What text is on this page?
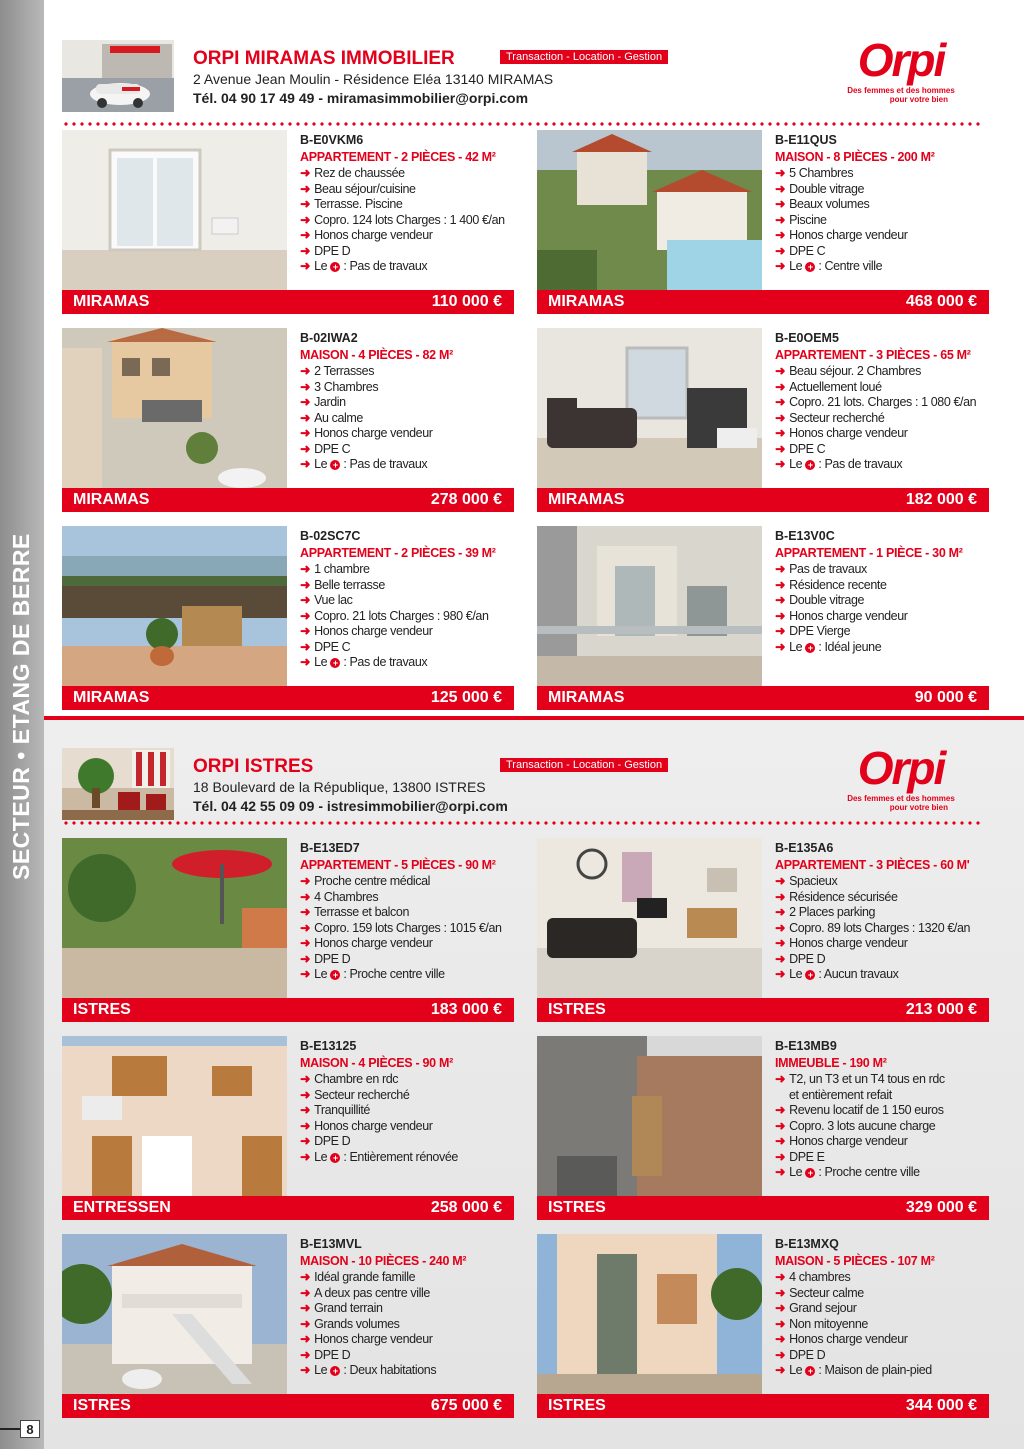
SECTEUR • ETANG DE BERRE
8
ORPI MIRAMAS IMMOBILIER	Transaction - Location - Gestion
2 Avenue Jean Moulin - Résidence Eléa 13140 MIRAMAS
Tél. 04 90 17 49 49 - miramasimmobilier@orpi.com
Orpi
Des femmes et des hommes
pour votre bien
ORPI ISTRES	Transaction - Location - Gestion
18 Boulevard de la République, 13800 ISTRES
Tél. 04 42 55 09 09 - istresimmobilier@orpi.com
Orpi
Des femmes et des hommes
pour votre bien
B-E0VKM6
APPARTEMENT - 2 PIÈCES - 42 M²
➜ Rez de chaussée
➜ Beau séjour/cuisine
➜ Terrasse. Piscine
➜ Copro. 124 lots Charges : 1 400 €/an
➜ Honos charge vendeur
➜ DPE D
➜ Le + : Pas de travaux
MIRAMAS	110 000 €
B-E11QUS
MAISON - 8 PIÈCES - 200 M²
➜ 5 Chambres
➜ Double vitrage
➜ Beaux volumes
➜ Piscine
➜ Honos charge vendeur
➜ DPE C
➜ Le + : Centre ville
MIRAMAS	468 000 €
B-02IWA2
MAISON - 4 PIÈCES - 82 M²
➜ 2 Terrasses
➜ 3 Chambres
➜ Jardin
➜ Au calme
➜ Honos charge vendeur
➜ DPE C
➜ Le + : Pas de travaux
MIRAMAS	278 000 €
B-E0OEM5
APPARTEMENT - 3 PIÈCES - 65 M²
➜ Beau séjour. 2 Chambres
➜ Actuellement loué
➜ Copro. 21 lots. Charges : 1 080 €/an
➜ Secteur recherché
➜ Honos charge vendeur
➜ DPE C
➜ Le + : Pas de travaux
MIRAMAS	182 000 €
B-02SC7C
APPARTEMENT - 2 PIÈCES - 39 M²
➜ 1 chambre
➜ Belle terrasse
➜ Vue lac
➜ Copro. 21 lots Charges : 980 €/an
➜ Honos charge vendeur
➜ DPE C
➜ Le + : Pas de travaux
MIRAMAS	125 000 €
B-E13V0C
APPARTEMENT - 1 PIÈCE - 30 M²
➜ Pas de travaux
➜ Résidence recente
➜ Double vitrage
➜ Honos charge vendeur
➜ DPE Vierge
➜ Le + : Idéal jeune
MIRAMAS	90 000 €
B-E13ED7
APPARTEMENT - 5 PIÈCES - 90 M²
➜ Proche centre médical
➜ 4 Chambres
➜ Terrasse et balcon
➜ Copro. 159 lots Charges : 1015 €/an
➜ Honos charge vendeur
➜ DPE D
➜ Le + : Proche centre ville
ISTRES	183 000 €
B-E135A6
APPARTEMENT - 3 PIÈCES - 60 M'
➜ Spacieux
➜ Résidence sécurisée
➜ 2 Places parking
➜ Copro. 89 lots Charges : 1320 €/an
➜ Honos charge vendeur
➜ DPE D
➜ Le + : Aucun travaux
ISTRES	213 000 €
B-E13125
MAISON - 4 PIÈCES - 90 M²
➜ Chambre en rdc
➜ Secteur recherché
➜ Tranquillité
➜ Honos charge vendeur
➜ DPE D
➜ Le + : Entièrement rénovée
ENTRESSEN	258 000 €
B-E13MB9
IMMEUBLE - 190 M²
➜ T2, un T3 et un T4 tous en rdc
et entièrement refait
➜ Revenu locatif de 1 150 euros
➜ Copro. 3 lots aucune charge
➜ Honos charge vendeur
➜ DPE E
➜ Le + : Proche centre ville
ISTRES	329 000 €
B-E13MVL
MAISON - 10 PIÈCES - 240 M²
➜ Idéal grande famille
➜ A deux pas centre ville
➜ Grand terrain
➜ Grands volumes
➜ Honos charge vendeur
➜ DPE D
➜ Le + : Deux habitations
ISTRES	675 000 €
B-E13MXQ
MAISON - 5 PIÈCES - 107 M²
➜ 4 chambres
➜ Secteur calme
➜ Grand sejour
➜ Non mitoyenne
➜ Honos charge vendeur
➜ DPE D
➜ Le + : Maison de plain-pied
ISTRES	344 000 €
